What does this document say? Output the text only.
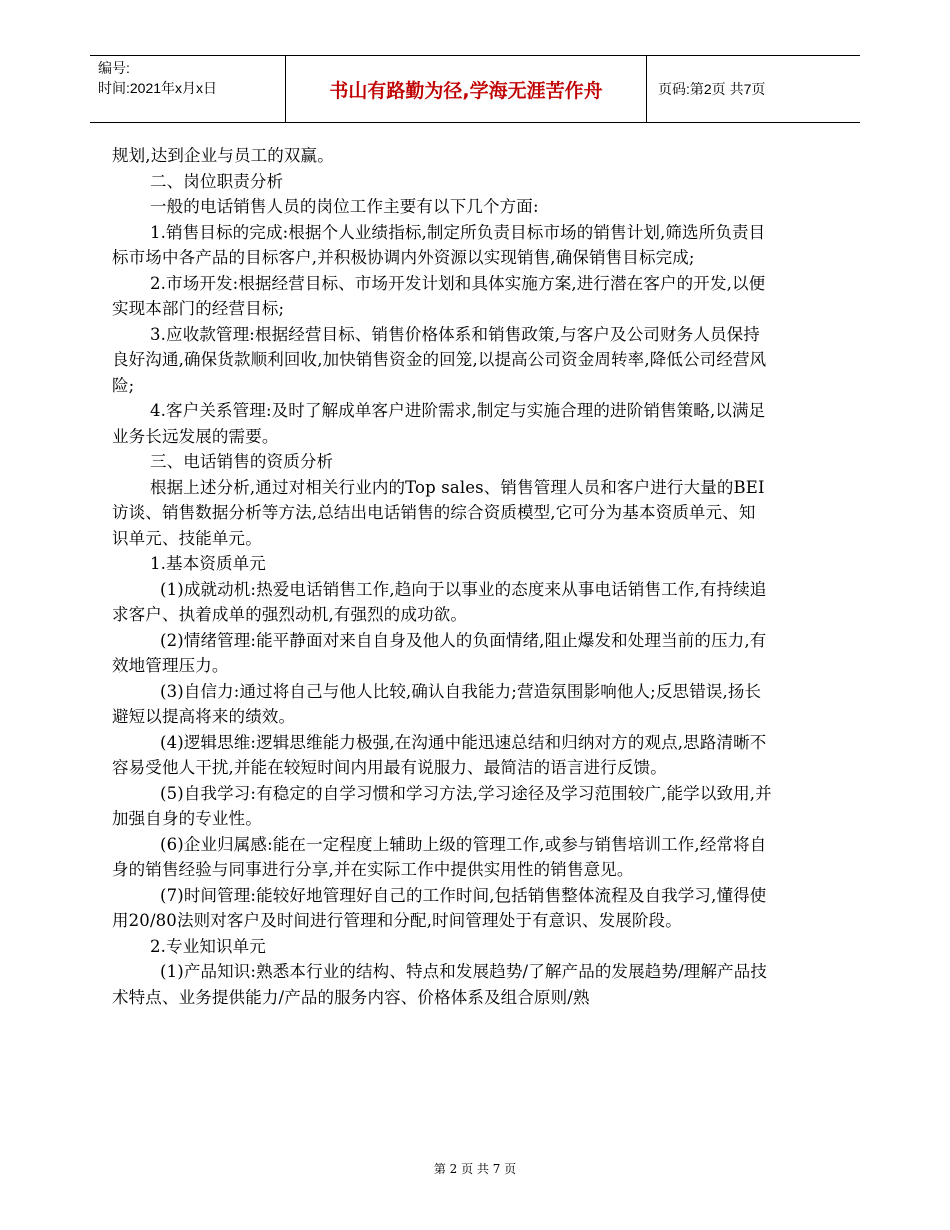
编号:
时间:2021年x月x日	书山有路勤为径,学海无涯苦作舟	页码:第2页 共7页

规划,达到企业与员工的双赢。

二、岗位职责分析

一般的电话销售人员的岗位工作主要有以下几个方面:

1.销售目标的完成:根据个人业绩指标,制定所负责目标市场的销售计划,筛选所负责目标市场中各产品的目标客户,并积极协调内外资源以实现销售,确保销售目标完成;

2.市场开发:根据经营目标、市场开发计划和具体实施方案,进行潜在客户的开发,以便实现本部门的经营目标;

3.应收款管理:根据经营目标、销售价格体系和销售政策,与客户及公司财务人员保持良好沟通,确保货款顺利回收,加快销售资金的回笼,以提高公司资金周转率,降低公司经营风险;

4.客户关系管理:及时了解成单客户进阶需求,制定与实施合理的进阶销售策略,以满足业务长远发展的需要。

三、电话销售的资质分析

根据上述分析,通过对相关行业内的Top sales、销售管理人员和客户进行大量的BEI访谈、销售数据分析等方法,总结出电话销售的综合资质模型,它可分为基本资质单元、知识单元、技能单元。

1.基本资质单元

(1)成就动机:热爱电话销售工作,趋向于以事业的态度来从事电话销售工作,有持续追求客户、执着成单的强烈动机,有强烈的成功欲。

(2)情绪管理:能平静面对来自自身及他人的负面情绪,阻止爆发和处理当前的压力,有效地管理压力。

(3)自信力:通过将自己与他人比较,确认自我能力;营造氛围影响他人;反思错误,扬长避短以提高将来的绩效。

(4)逻辑思维:逻辑思维能力极强,在沟通中能迅速总结和归纳对方的观点,思路清晰不容易受他人干扰,并能在较短时间内用最有说服力、最简洁的语言进行反馈。

(5)自我学习:有稳定的自学习惯和学习方法,学习途径及学习范围较广,能学以致用,并加强自身的专业性。

(6)企业归属感:能在一定程度上辅助上级的管理工作,或参与销售培训工作,经常将自身的销售经验与同事进行分享,并在实际工作中提供实用性的销售意见。

(7)时间管理:能较好地管理好自己的工作时间,包括销售整体流程及自我学习,懂得使用20/80法则对客户及时间进行管理和分配,时间管理处于有意识、发展阶段。

2.专业知识单元

(1)产品知识:熟悉本行业的结构、特点和发展趋势/了解产品的发展趋势/理解产品技术特点、业务提供能力/产品的服务内容、价格体系及组合原则/熟

第 2 页 共 7 页
